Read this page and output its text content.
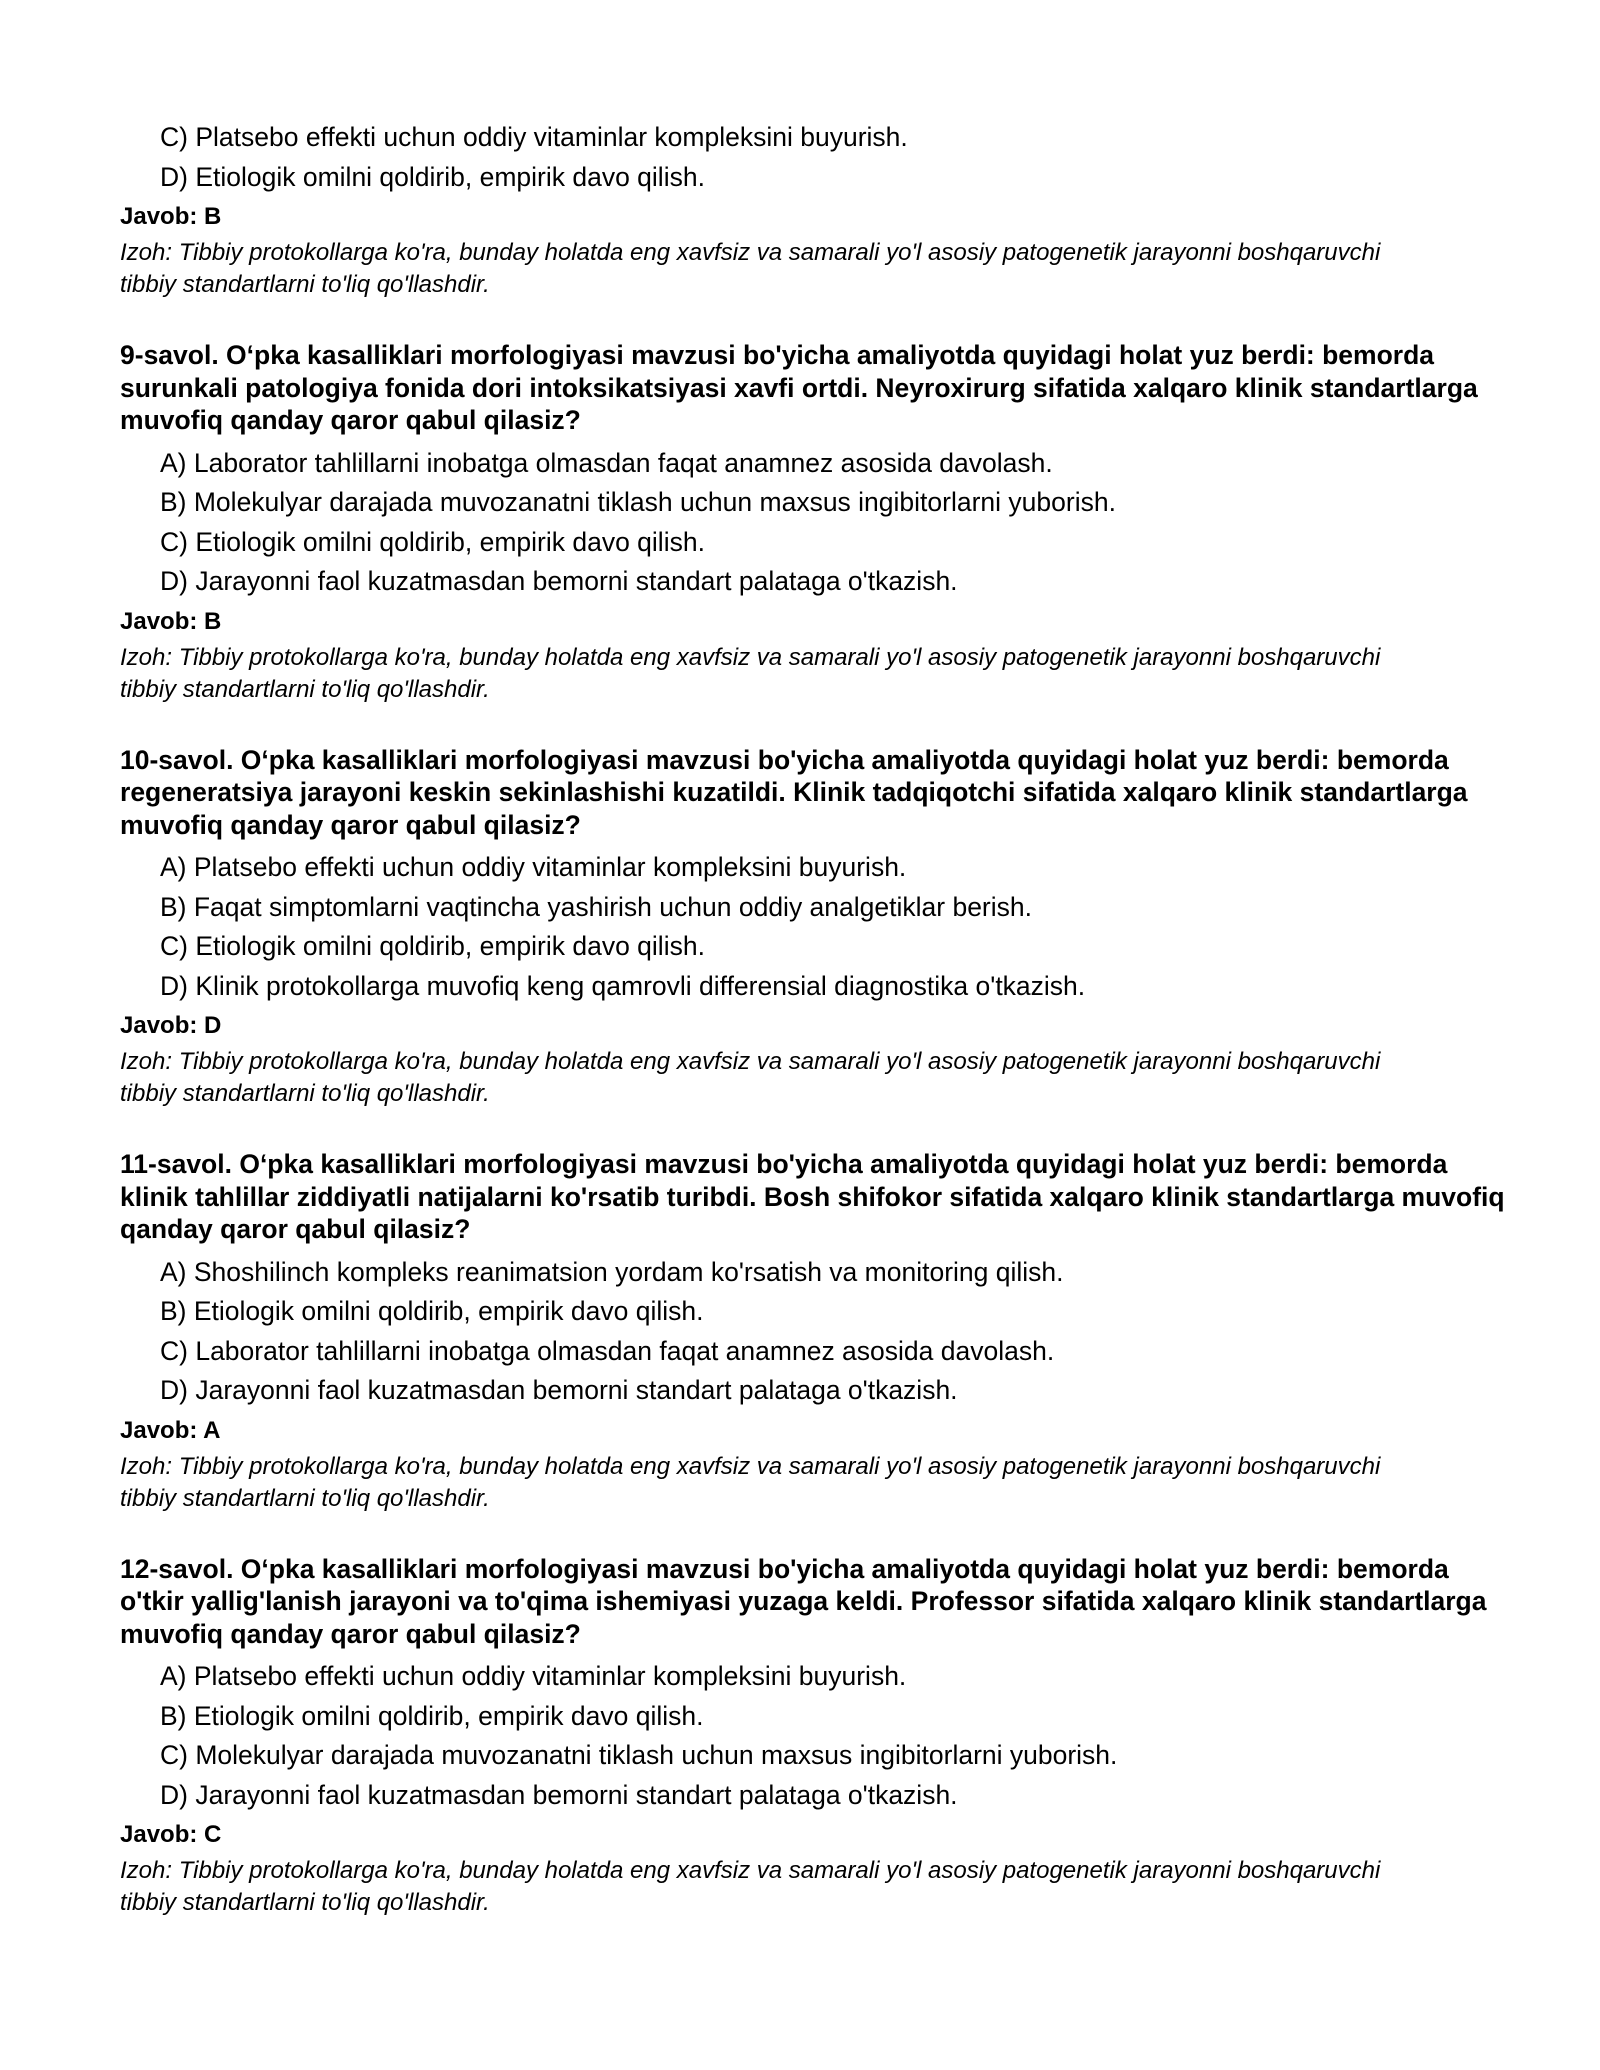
C) Platsebo effekti uchun oddiy vitaminlar kompleksini buyurish.
D) Etiologik omilni qoldirib, empirik davo qilish.
Javob: B
Izoh: Tibbiy protokollarga ko'ra, bunday holatda eng xavfsiz va samarali yo'l asosiy patogenetik jarayonni boshqaruvchi tibbiy standartlarni to'liq qo'llashdir.
9-savol. O‘pka kasalliklari morfologiyasi mavzusi bo'yicha amaliyotda quyidagi holat yuz berdi: bemorda surunkali patologiya fonida dori intoksikatsiyasi xavfi ortdi. Neyroxirurg sifatida xalqaro klinik standartlarga muvofiq qanday qaror qabul qilasiz?
A) Laborator tahlillarni inobatga olmasdan faqat anamnez asosida davolash.
B) Molekulyar darajada muvozanatni tiklash uchun maxsus ingibitorlarni yuborish.
C) Etiologik omilni qoldirib, empirik davo qilish.
D) Jarayonni faol kuzatmasdan bemorni standart palataga o'tkazish.
Javob: B
Izoh: Tibbiy protokollarga ko'ra, bunday holatda eng xavfsiz va samarali yo'l asosiy patogenetik jarayonni boshqaruvchi tibbiy standartlarni to'liq qo'llashdir.
10-savol. O‘pka kasalliklari morfologiyasi mavzusi bo'yicha amaliyotda quyidagi holat yuz berdi: bemorda regeneratsiya jarayoni keskin sekinlashishi kuzatildi. Klinik tadqiqotchi sifatida xalqaro klinik standartlarga muvofiq qanday qaror qabul qilasiz?
A) Platsebo effekti uchun oddiy vitaminlar kompleksini buyurish.
B) Faqat simptomlarni vaqtincha yashirish uchun oddiy analgetiklar berish.
C) Etiologik omilni qoldirib, empirik davo qilish.
D) Klinik protokollarga muvofiq keng qamrovli differensial diagnostika o'tkazish.
Javob: D
Izoh: Tibbiy protokollarga ko'ra, bunday holatda eng xavfsiz va samarali yo'l asosiy patogenetik jarayonni boshqaruvchi tibbiy standartlarni to'liq qo'llashdir.
11-savol. O‘pka kasalliklari morfologiyasi mavzusi bo'yicha amaliyotda quyidagi holat yuz berdi: bemorda klinik tahlillar ziddiyatli natijalarni ko'rsatib turibdi. Bosh shifokor sifatida xalqaro klinik standartlarga muvofiq qanday qaror qabul qilasiz?
A) Shoshilinch kompleks reanimatsion yordam ko'rsatish va monitoring qilish.
B) Etiologik omilni qoldirib, empirik davo qilish.
C) Laborator tahlillarni inobatga olmasdan faqat anamnez asosida davolash.
D) Jarayonni faol kuzatmasdan bemorni standart palataga o'tkazish.
Javob: A
Izoh: Tibbiy protokollarga ko'ra, bunday holatda eng xavfsiz va samarali yo'l asosiy patogenetik jarayonni boshqaruvchi tibbiy standartlarni to'liq qo'llashdir.
12-savol. O‘pka kasalliklari morfologiyasi mavzusi bo'yicha amaliyotda quyidagi holat yuz berdi: bemorda o'tkir yallig'lanish jarayoni va to'qima ishemiyasi yuzaga keldi. Professor sifatida xalqaro klinik standartlarga muvofiq qanday qaror qabul qilasiz?
A) Platsebo effekti uchun oddiy vitaminlar kompleksini buyurish.
B) Etiologik omilni qoldirib, empirik davo qilish.
C) Molekulyar darajada muvozanatni tiklash uchun maxsus ingibitorlarni yuborish.
D) Jarayonni faol kuzatmasdan bemorni standart palataga o'tkazish.
Javob: C
Izoh: Tibbiy protokollarga ko'ra, bunday holatda eng xavfsiz va samarali yo'l asosiy patogenetik jarayonni boshqaruvchi tibbiy standartlarni to'liq qo'llashdir.
